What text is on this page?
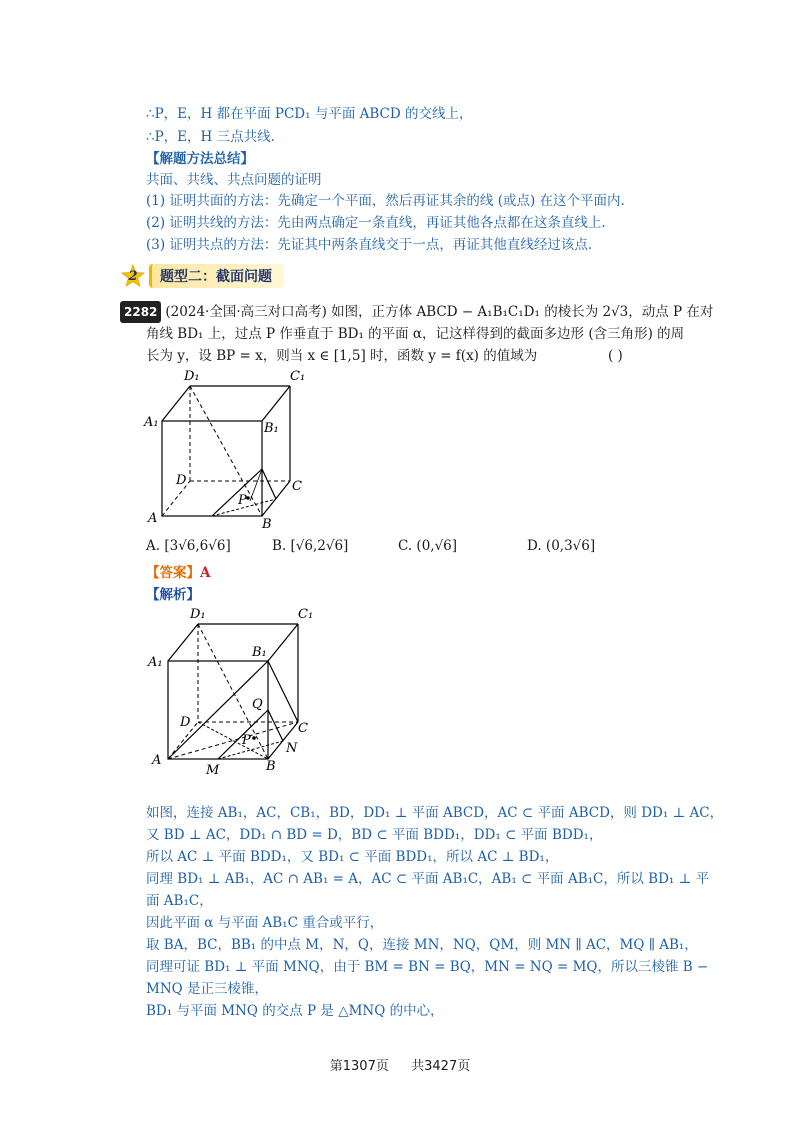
∴P，E，H 都在平面 PCD₁ 与平面 ABCD 的交线上，
∴P，E，H 三点共线.
【解题方法总结】
共面、共线、共点问题的证明
(1) 证明共面的方法：先确定一个平面，然后再证其余的线 (或点) 在这个平面内.
(2) 证明共线的方法：先由两点确定一条直线，再证其他各点都在这条直线上.
(3) 证明共点的方法：先证其中两条直线交于一点，再证其他直线经过该点.
2	题型二：截面问题
2282 (2024·全国·高三对口高考) 如图，正方体 ABCD − A₁B₁C₁D₁ 的棱长为 2√3，动点 P 在对
角线 BD₁ 上，过点 P 作垂直于 BD₁ 的平面 α，记这样得到的截面多边形 (含三角形) 的周
长为 y，设 BP = x，则当 x ∈ [1,5] 时，函数 y = f(x) 的值域为	( )
D₁	C₁
A₁	B₁
D	C
A	B
P
A. [3√6,6√6]	B. [√6,2√6]	C. (0,√6]	D. (0,3√6]
【答案】A
【解析】
D₁	C₁
A₁
B₁
D	C
A	B
Q
P
N
M
如图，连接 AB₁，AC，CB₁，BD，DD₁ ⊥ 平面 ABCD，AC ⊂ 平面 ABCD，则 DD₁ ⊥ AC，
又 BD ⊥ AC，DD₁ ∩ BD = D，BD ⊂ 平面 BDD₁，DD₁ ⊂ 平面 BDD₁，
所以 AC ⊥ 平面 BDD₁，又 BD₁ ⊂ 平面 BDD₁，所以 AC ⊥ BD₁，
同理 BD₁ ⊥ AB₁，AC ∩ AB₁ = A，AC ⊂ 平面 AB₁C，AB₁ ⊂ 平面 AB₁C，所以 BD₁ ⊥ 平
面 AB₁C，
因此平面 α 与平面 AB₁C 重合或平行，
取 BA，BC，BB₁ 的中点 M，N，Q，连接 MN，NQ，QM，则 MN ∥ AC，MQ ∥ AB₁，
同理可证 BD₁ ⊥ 平面 MNQ，由于 BM = BN = BQ，MN = NQ = MQ，所以三棱锥 B −
MNQ 是正三棱锥，
BD₁ 与平面 MNQ 的交点 P 是 △MNQ 的中心，
第1307页 共3427页
